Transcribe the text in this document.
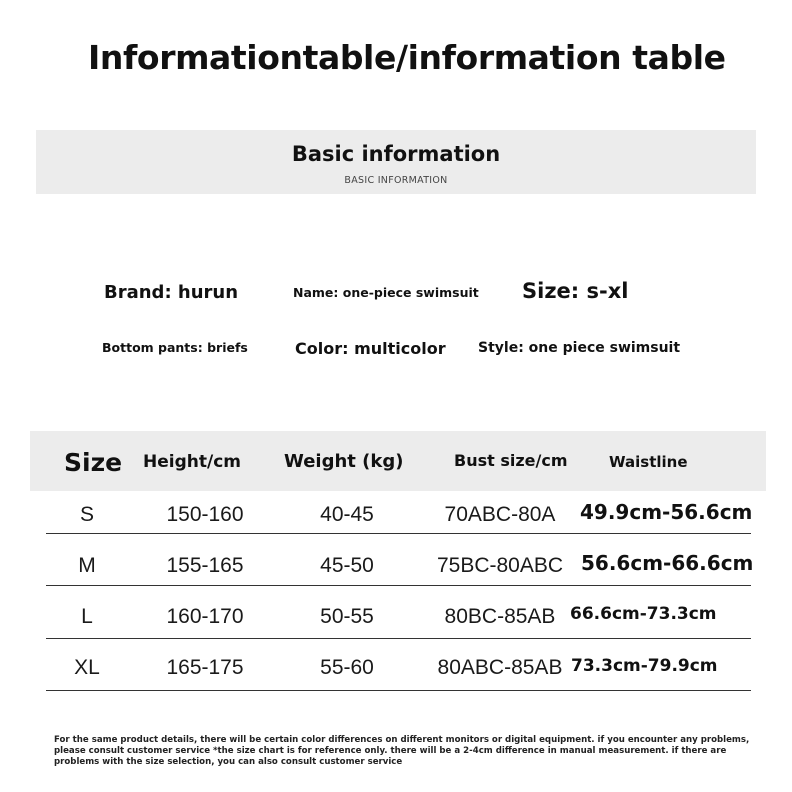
Informationtable/information table
Basic information
BASIC INFORMATION
Brand: hurun	Name: one-piece swimsuit Size: s-xl
Bottom pants: briefs	Color: multicolor Style: one piece swimsuit
Size Height/cm Weight (kg)	Bust size/cm	Waistline
S	150-160	40-45	70ABC-80A 49.9cm-56.6cm
M	155-165	45-50	75BC-80ABC 56.6cm-66.6cm
L	160-170	50-55	80BC-85AB 66.6cm-73.3cm
XL	165-175	55-60	80ABC-85AB 73.3cm-79.9cm

For the same product details, there will be certain color differences on different monitors or digital equipment. if you encounter any problems, please consult customer service *the size chart is for reference only. there will be a 2-4cm difference in manual measurement. if there are problems with the size selection, you can also consult customer service
